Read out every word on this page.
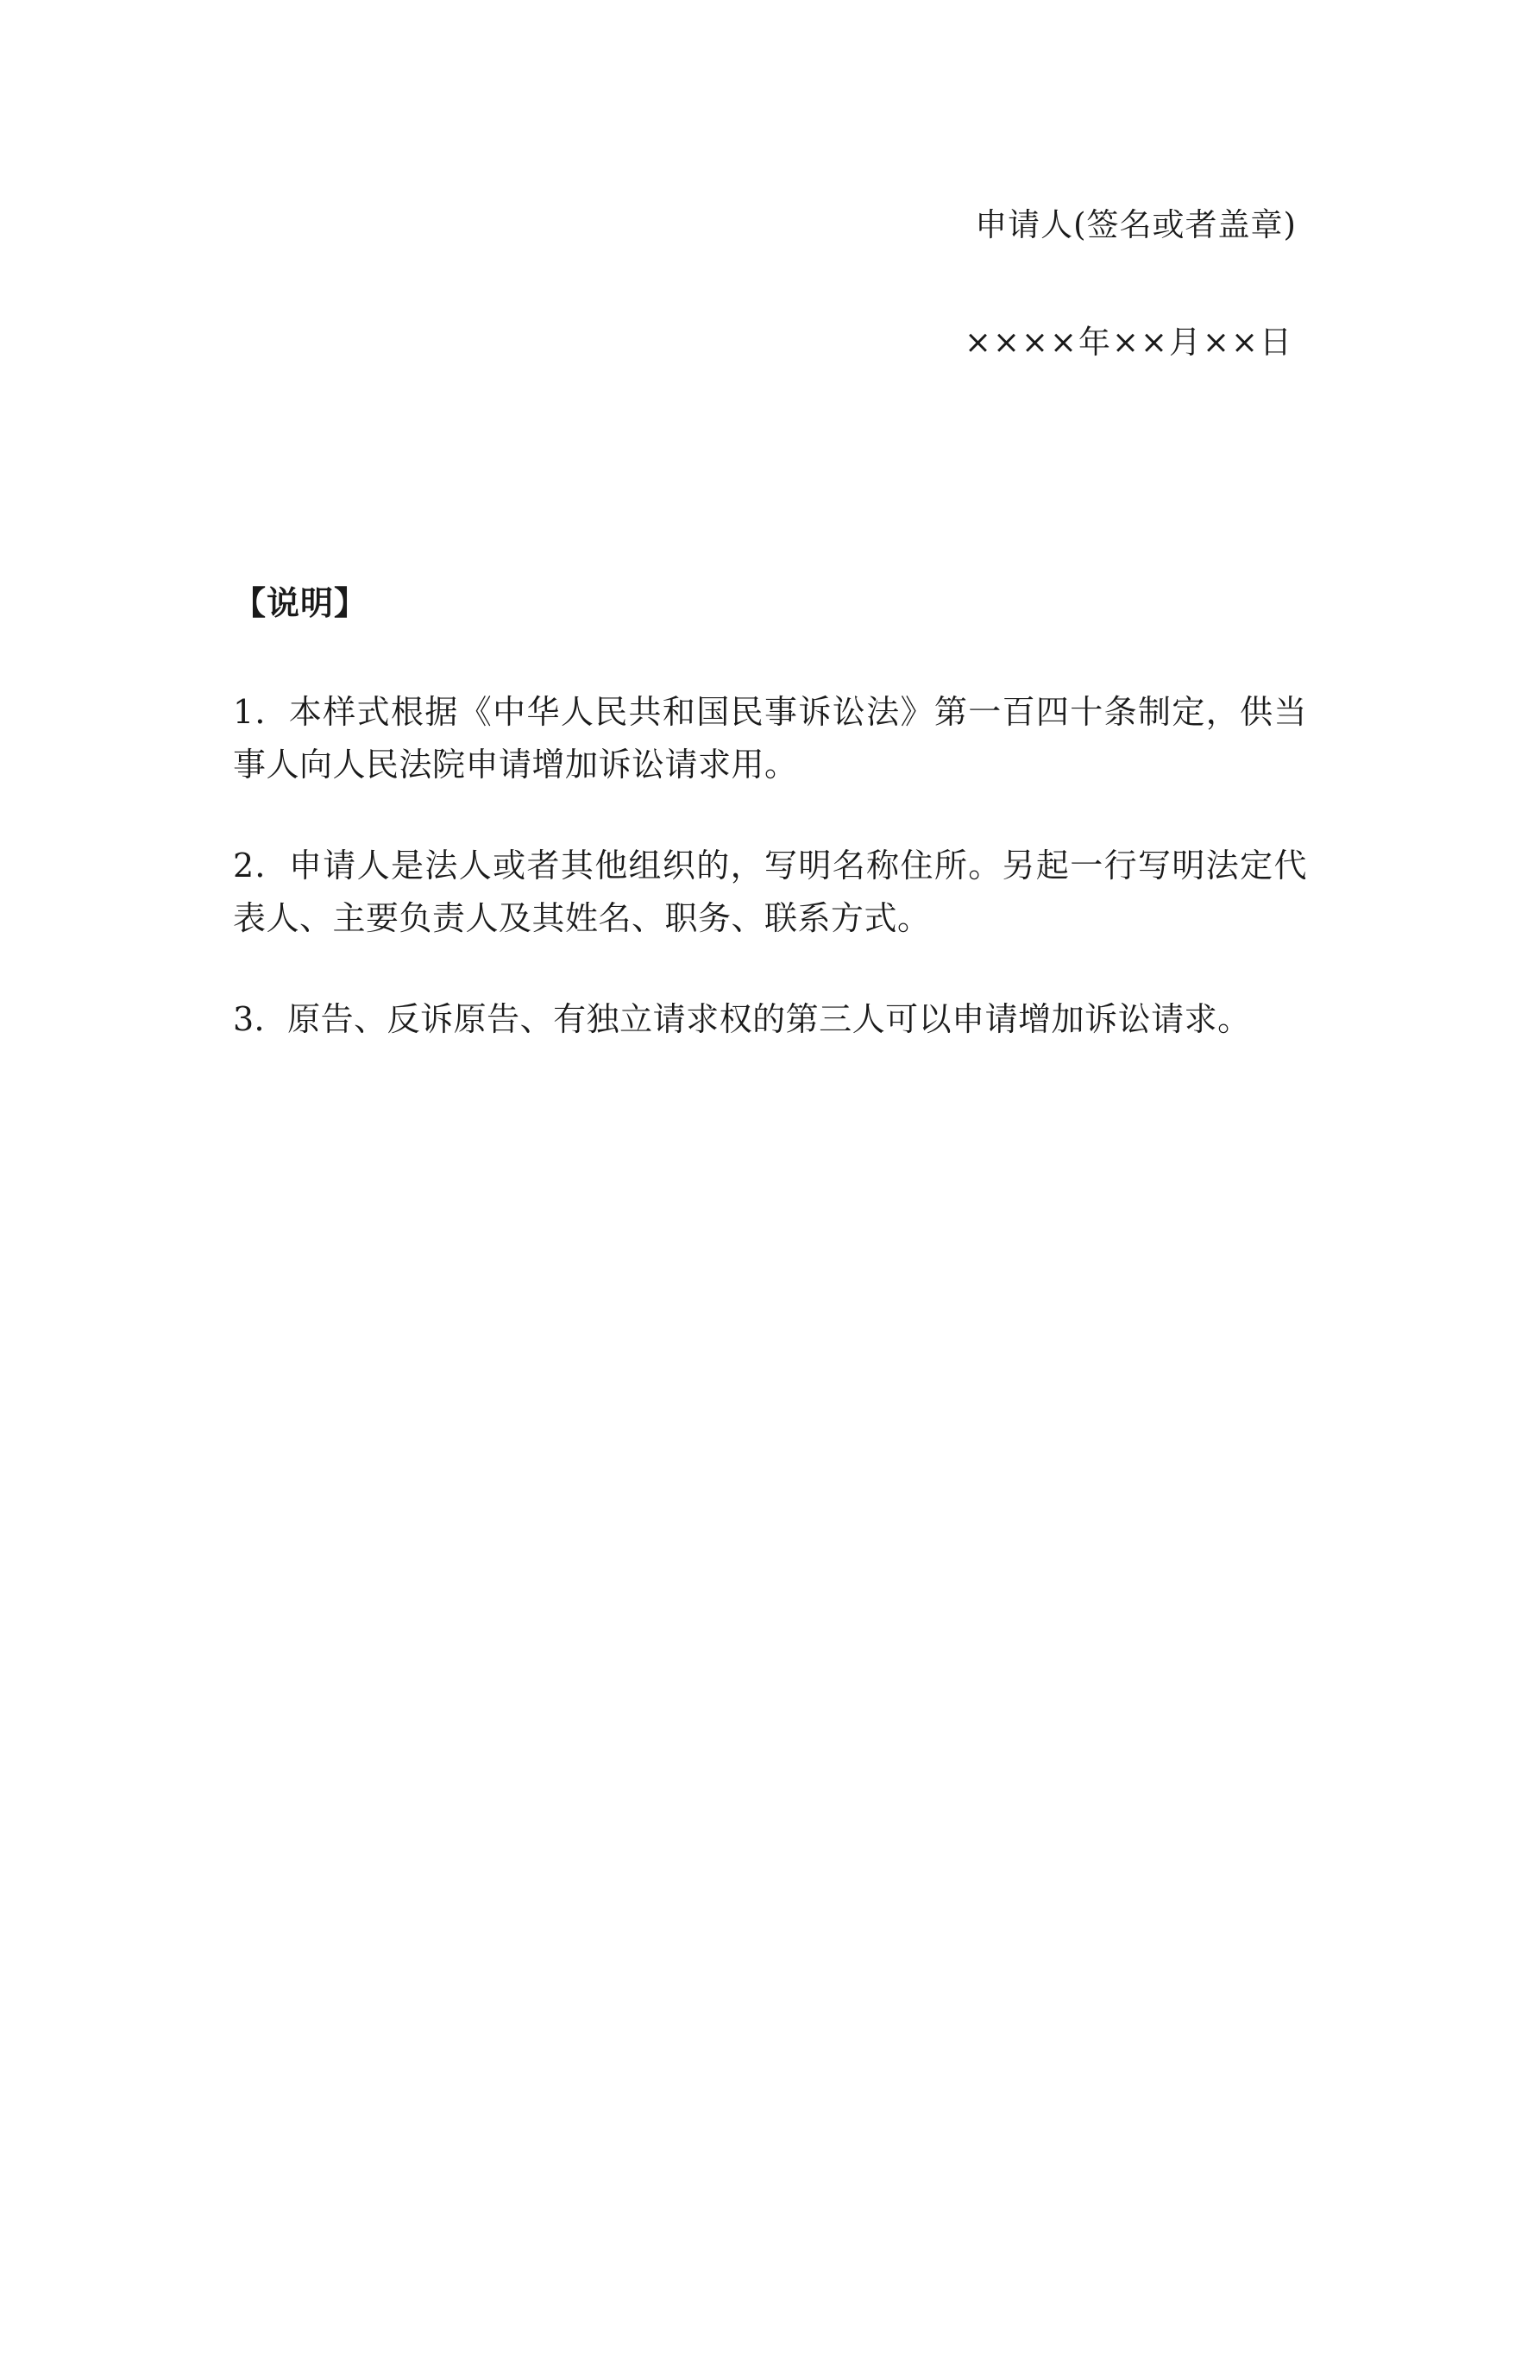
申请人(签名或者盖章)
××××年××月××日
【说明】
1．本样式根据《中华人民共和国民事诉讼法》第一百四十条制定，供当事人向人民法院申请增加诉讼请求用。
2．申请人是法人或者其他组织的，写明名称住所。另起一行写明法定代表人、主要负责人及其姓名、职务、联系方式。
3．原告、反诉原告、有独立请求权的第三人可以申请增加诉讼请求。
